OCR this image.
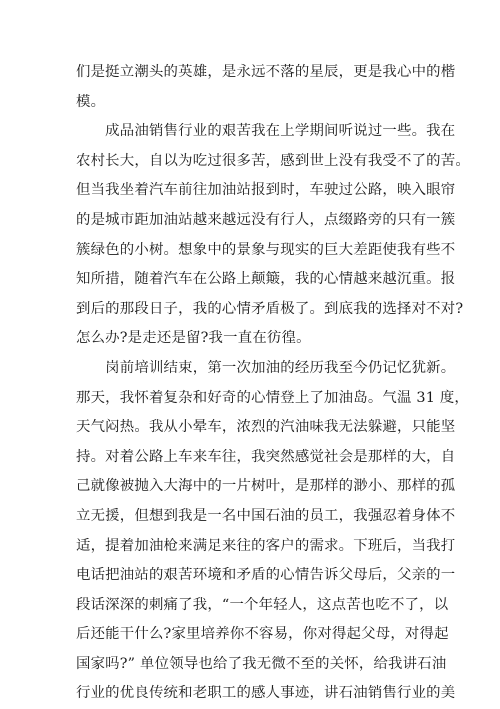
们是挺立潮头的英雄，是永远不落的星辰，更是我心中的楷
模。
　　成品油销售行业的艰苦我在上学期间听说过一些。我在
农村长大，自以为吃过很多苦，感到世上没有我受不了的苦。
但当我坐着汽车前往加油站报到时，车驶过公路，映入眼帘
的是城市距加油站越来越远没有行人，点缀路旁的只有一簇
簇绿色的小树。想象中的景象与现实的巨大差距使我有些不
知所措，随着汽车在公路上颠簸，我的心情越来越沉重。报
到后的那段日子，我的心情矛盾极了。到底我的选择对不对?
怎么办?是走还是留?我一直在彷徨。
　　岗前培训结束，第一次加油的经历我至今仍记忆犹新。
那天，我怀着复杂和好奇的心情登上了加油岛。气温 31 度，
天气闷热。我从小晕车，浓烈的汽油味我无法躲避，只能坚
持。对着公路上车来车往，我突然感觉社会是那样的大，自
己就像被抛入大海中的一片树叶，是那样的渺小、那样的孤
立无援，但想到我是一名中国石油的员工，我强忍着身体不
适，提着加油枪来满足来往的客户的需求。下班后，当我打
电话把油站的艰苦环境和矛盾的心情告诉父母后，父亲的一
段话深深的刺痛了我，“一个年轻人，这点苦也吃不了，以
后还能干什么?家里培养你不容易，你对得起父母，对得起
国家吗?” 单位领导也给了我无微不至的关怀，给我讲石油
行业的优良传统和老职工的感人事迹，讲石油销售行业的美
